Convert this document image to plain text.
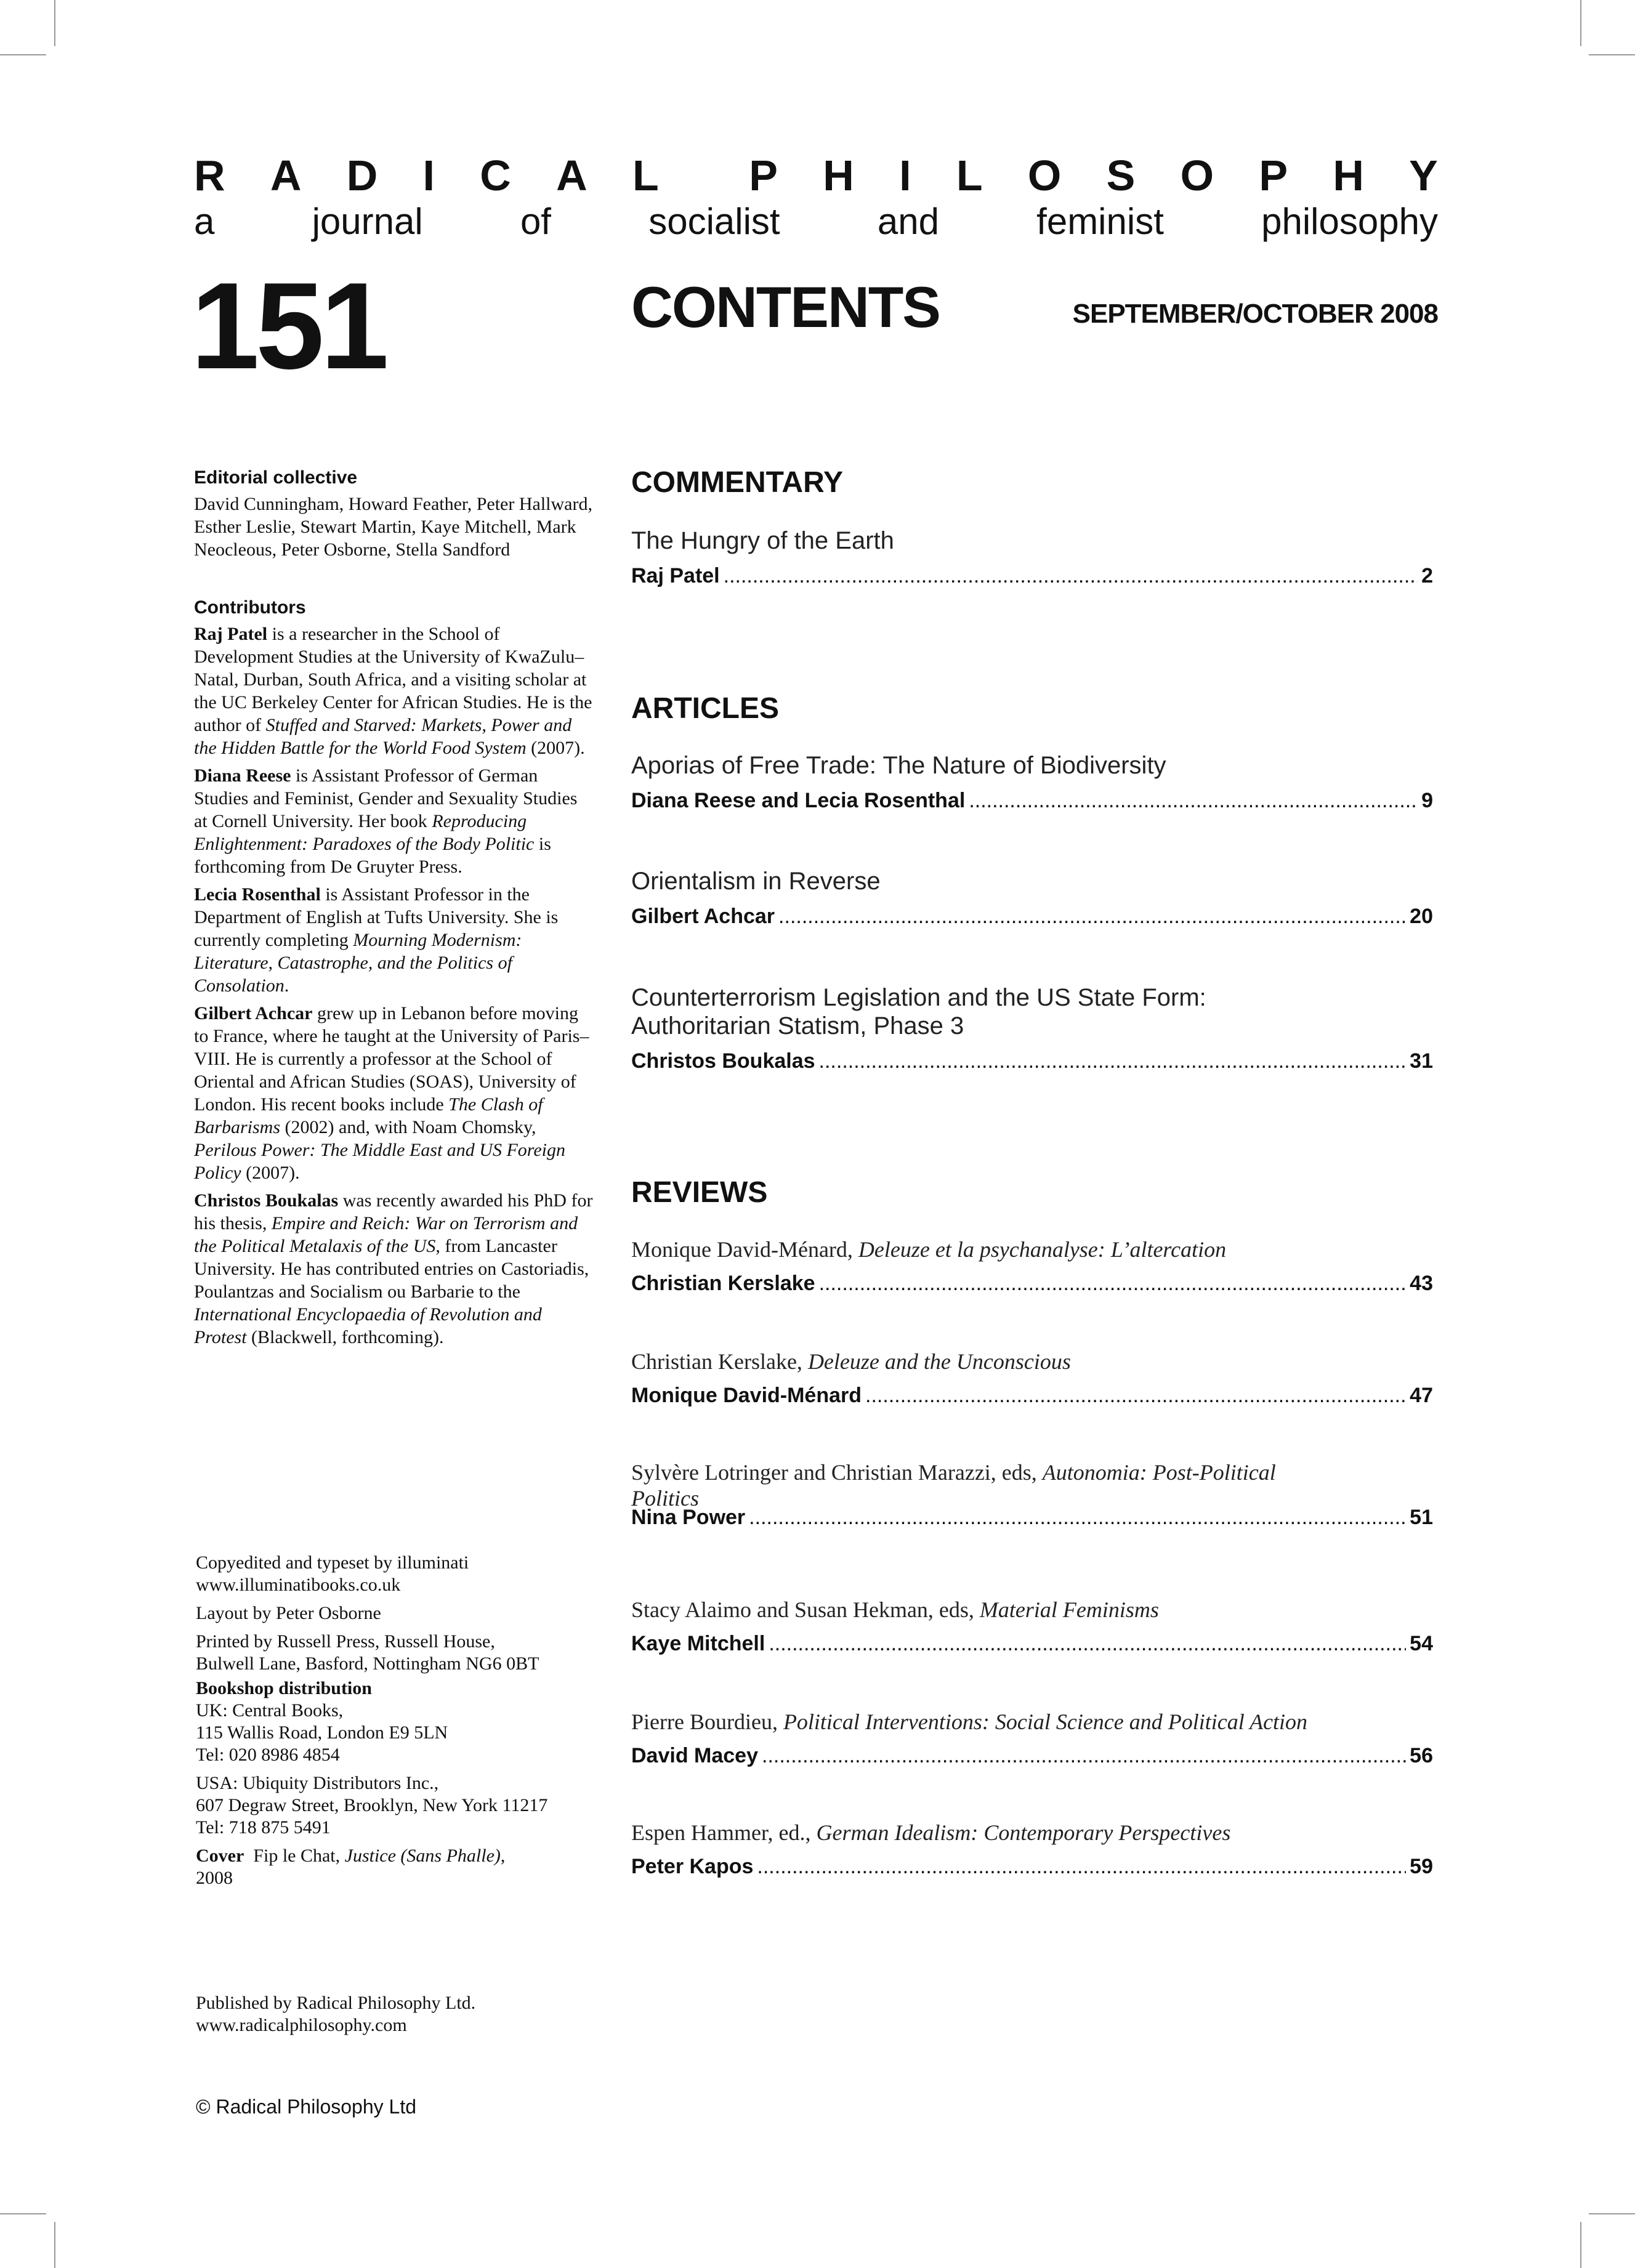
R A D I C A L P H I L O S O P H Y
a	journal	of	socialist	and	feminist	philosophy
151	CONTENTS	SEPTEMBER/OCTOBER 2008
Editorial collective

David Cunningham, Howard Feather, Peter Hallward, Esther Leslie, Stewart Martin, Kaye Mitchell, Mark Neocleous, Peter Osborne, Stella Sandford

Contributors

Raj Patel is a researcher in the School of Development Studies at the University of KwaZulu–Natal, Durban, South Africa, and a visiting scholar at the UC Berkeley Center for African Studies. He is the author of Stuffed and Starved: Markets, Power and the Hidden Battle for the World Food System (2007).

Diana Reese is Assistant Professor of German Studies and Feminist, Gender and Sexuality Studies at Cornell University. Her book Reproducing Enlightenment: Paradoxes of the Body Politic is forthcoming from De Gruyter Press.

Lecia Rosenthal is Assistant Professor in the Department of English at Tufts University. She is currently completing Mourning Modernism: Literature, Catastrophe, and the Politics of Consolation.

Gilbert Achcar grew up in Lebanon before moving to France, where he taught at the University of Paris–VIII. He is currently a professor at the School of Oriental and African Studies (SOAS), University of London. His recent books include The Clash of Barbarisms (2002) and, with Noam Chomsky, Perilous Power: The Middle East and US Foreign Policy (2007).

Christos Boukalas was recently awarded his PhD for his thesis, Empire and Reich: War on Terrorism and the Political Metalaxis of the US, from Lancaster University. He has contributed entries on Castoriadis, Poulantzas and Socialism ou Barbarie to the International Encyclopaedia of Revolution and Protest (Blackwell, forthcoming).

Copyedited and typeset by illuminati
www.illuminatibooks.co.uk

Layout by Peter Osborne

Printed by Russell Press, Russell House,
Bulwell Lane, Basford, Nottingham NG6 0BT

Bookshop distribution

UK: Central Books,
115 Wallis Road, London E9 5LN
Tel: 020 8986 4854

USA: Ubiquity Distributors Inc.,
607 Degraw Street, Brooklyn, New York 11217
Tel: 718 875 5491

Cover Fip le Chat, Justice (Sans Phalle),
2008

Published by Radical Philosophy Ltd.
www.radicalphilosophy.com
© Radical Philosophy Ltd
COMMENTARY
The Hungry of the Earth
Raj Patel .....	2
ARTICLES
Aporias of Free Trade: The Nature of Biodiversity
Diana Reese and Lecia Rosenthal .....	9
Orientalism in Reverse
Gilbert Achcar .....	20
Counterterrorism Legislation and the US State Form:
Authoritarian Statism, Phase 3
Christos Boukalas .....	31
REVIEWS
Monique David-Ménard, Deleuze et la psychanalyse: L’altercation
Christian Kerslake .....	43
Christian Kerslake, Deleuze and the Unconscious
Monique David-Ménard .....	47
Sylvère Lotringer and Christian Marazzi, eds, Autonomia: Post-Political Politics
Nina Power .....	51
Stacy Alaimo and Susan Hekman, eds, Material Feminisms
Kaye Mitchell .....	54
Pierre Bourdieu, Political Interventions: Social Science and Political Action
David Macey .....	56
Espen Hammer, ed., German Idealism: Contemporary Perspectives
Peter Kapos .....	59
